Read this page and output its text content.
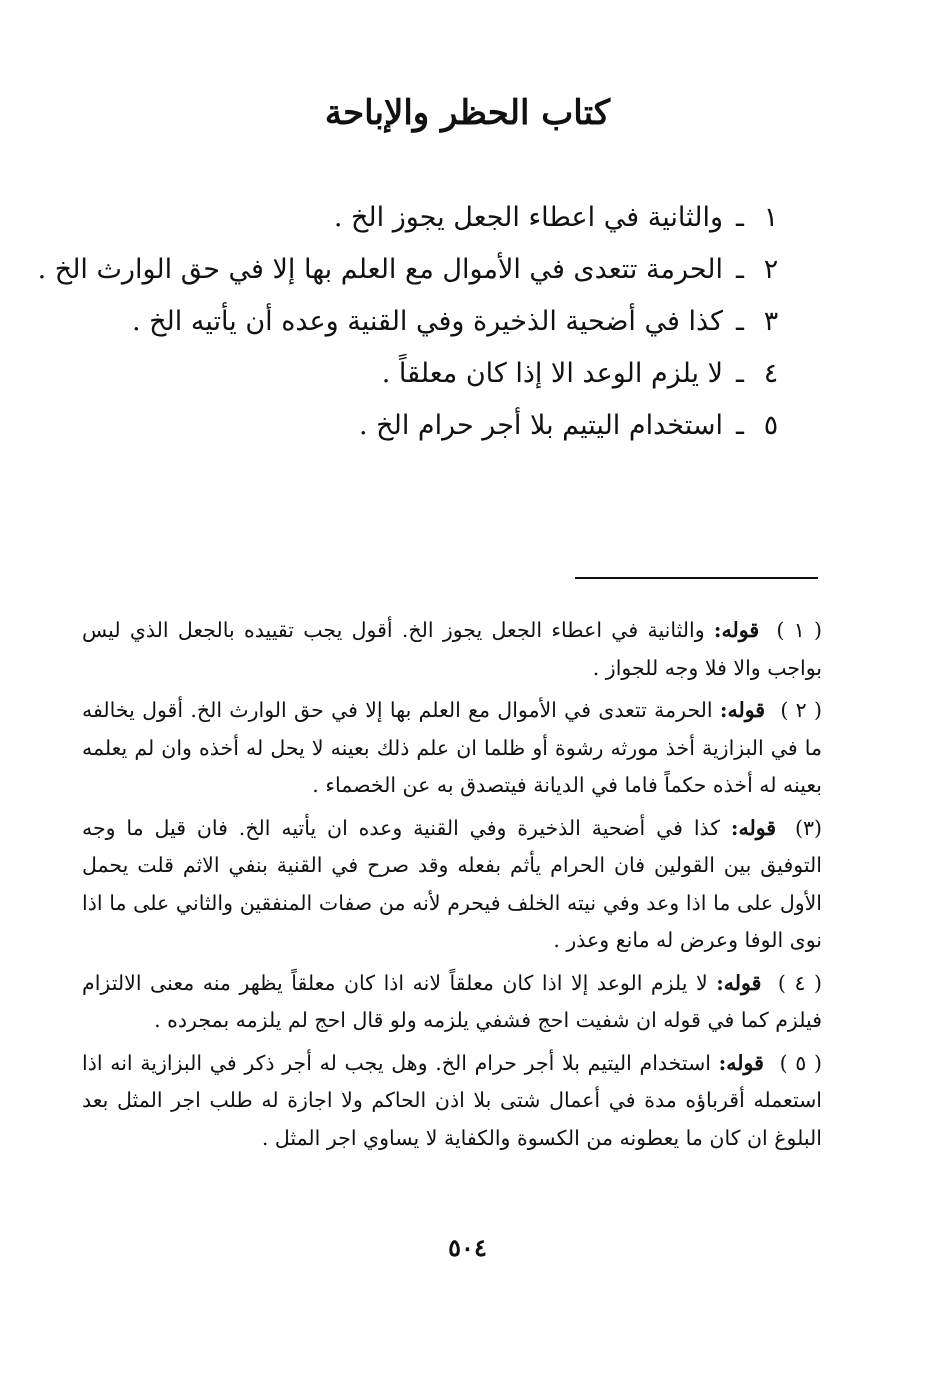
كتاب الحظر والإباحة
١ـوالثانية في اعطاء الجعل يجوز الخ .
٢ـالحرمة تتعدى في الأموال مع العلم بها إلا في حق الوارث الخ .
٣ـكذا في أضحية الذخيرة وفي القنية وعده أن يأتيه الخ .
٤ـلا يلزم الوعد الا إذا كان معلقاً .
٥ـاستخدام اليتيم بلا أجر حرام الخ .

( ١ ) قوله: والثانية في اعطاء الجعل يجوز الخ. أقول يجب تقييده بالجعل الذي ليس بواجب والا فلا وجه للجواز .

( ٢ ) قوله: الحرمة تتعدى في الأموال مع العلم بها إلا في حق الوارث الخ. أقول يخالفه ما في البزازية أخذ مورثه رشوة أو ظلما ان علم ذلك بعينه لا يحل له أخذه وان لم يعلمه بعينه له أخذه حكماً فاما في الديانة فيتصدق به عن الخصماء .

(٣) قوله: كذا في أضحية الذخيرة وفي القنية وعده ان يأتيه الخ. فان قيل ما وجه التوفيق بين القولين فان الحرام يأثم بفعله وقد صرح في القنية بنفي الاثم قلت يحمل الأول على ما اذا وعد وفي نيته الخلف فيحرم لأنه من صفات المنفقين والثاني على ما اذا نوى الوفا وعرض له مانع وعذر .

( ٤ ) قوله: لا يلزم الوعد إلا اذا كان معلقاً لانه اذا كان معلقاً يظهر منه معنى الالتزام فيلزم كما في قوله ان شفيت احج فشفي يلزمه ولو قال احج لم يلزمه بمجرده .

( ٥ ) قوله: استخدام اليتيم بلا أجر حرام الخ. وهل يجب له أجر ذكر في البزازية انه اذا استعمله أقرباؤه مدة في أعمال شتى بلا اذن الحاكم ولا اجازة له طلب اجر المثل بعد البلوغ ان كان ما يعطونه من الكسوة والكفاية لا يساوي اجر المثل .

٥٠٤
